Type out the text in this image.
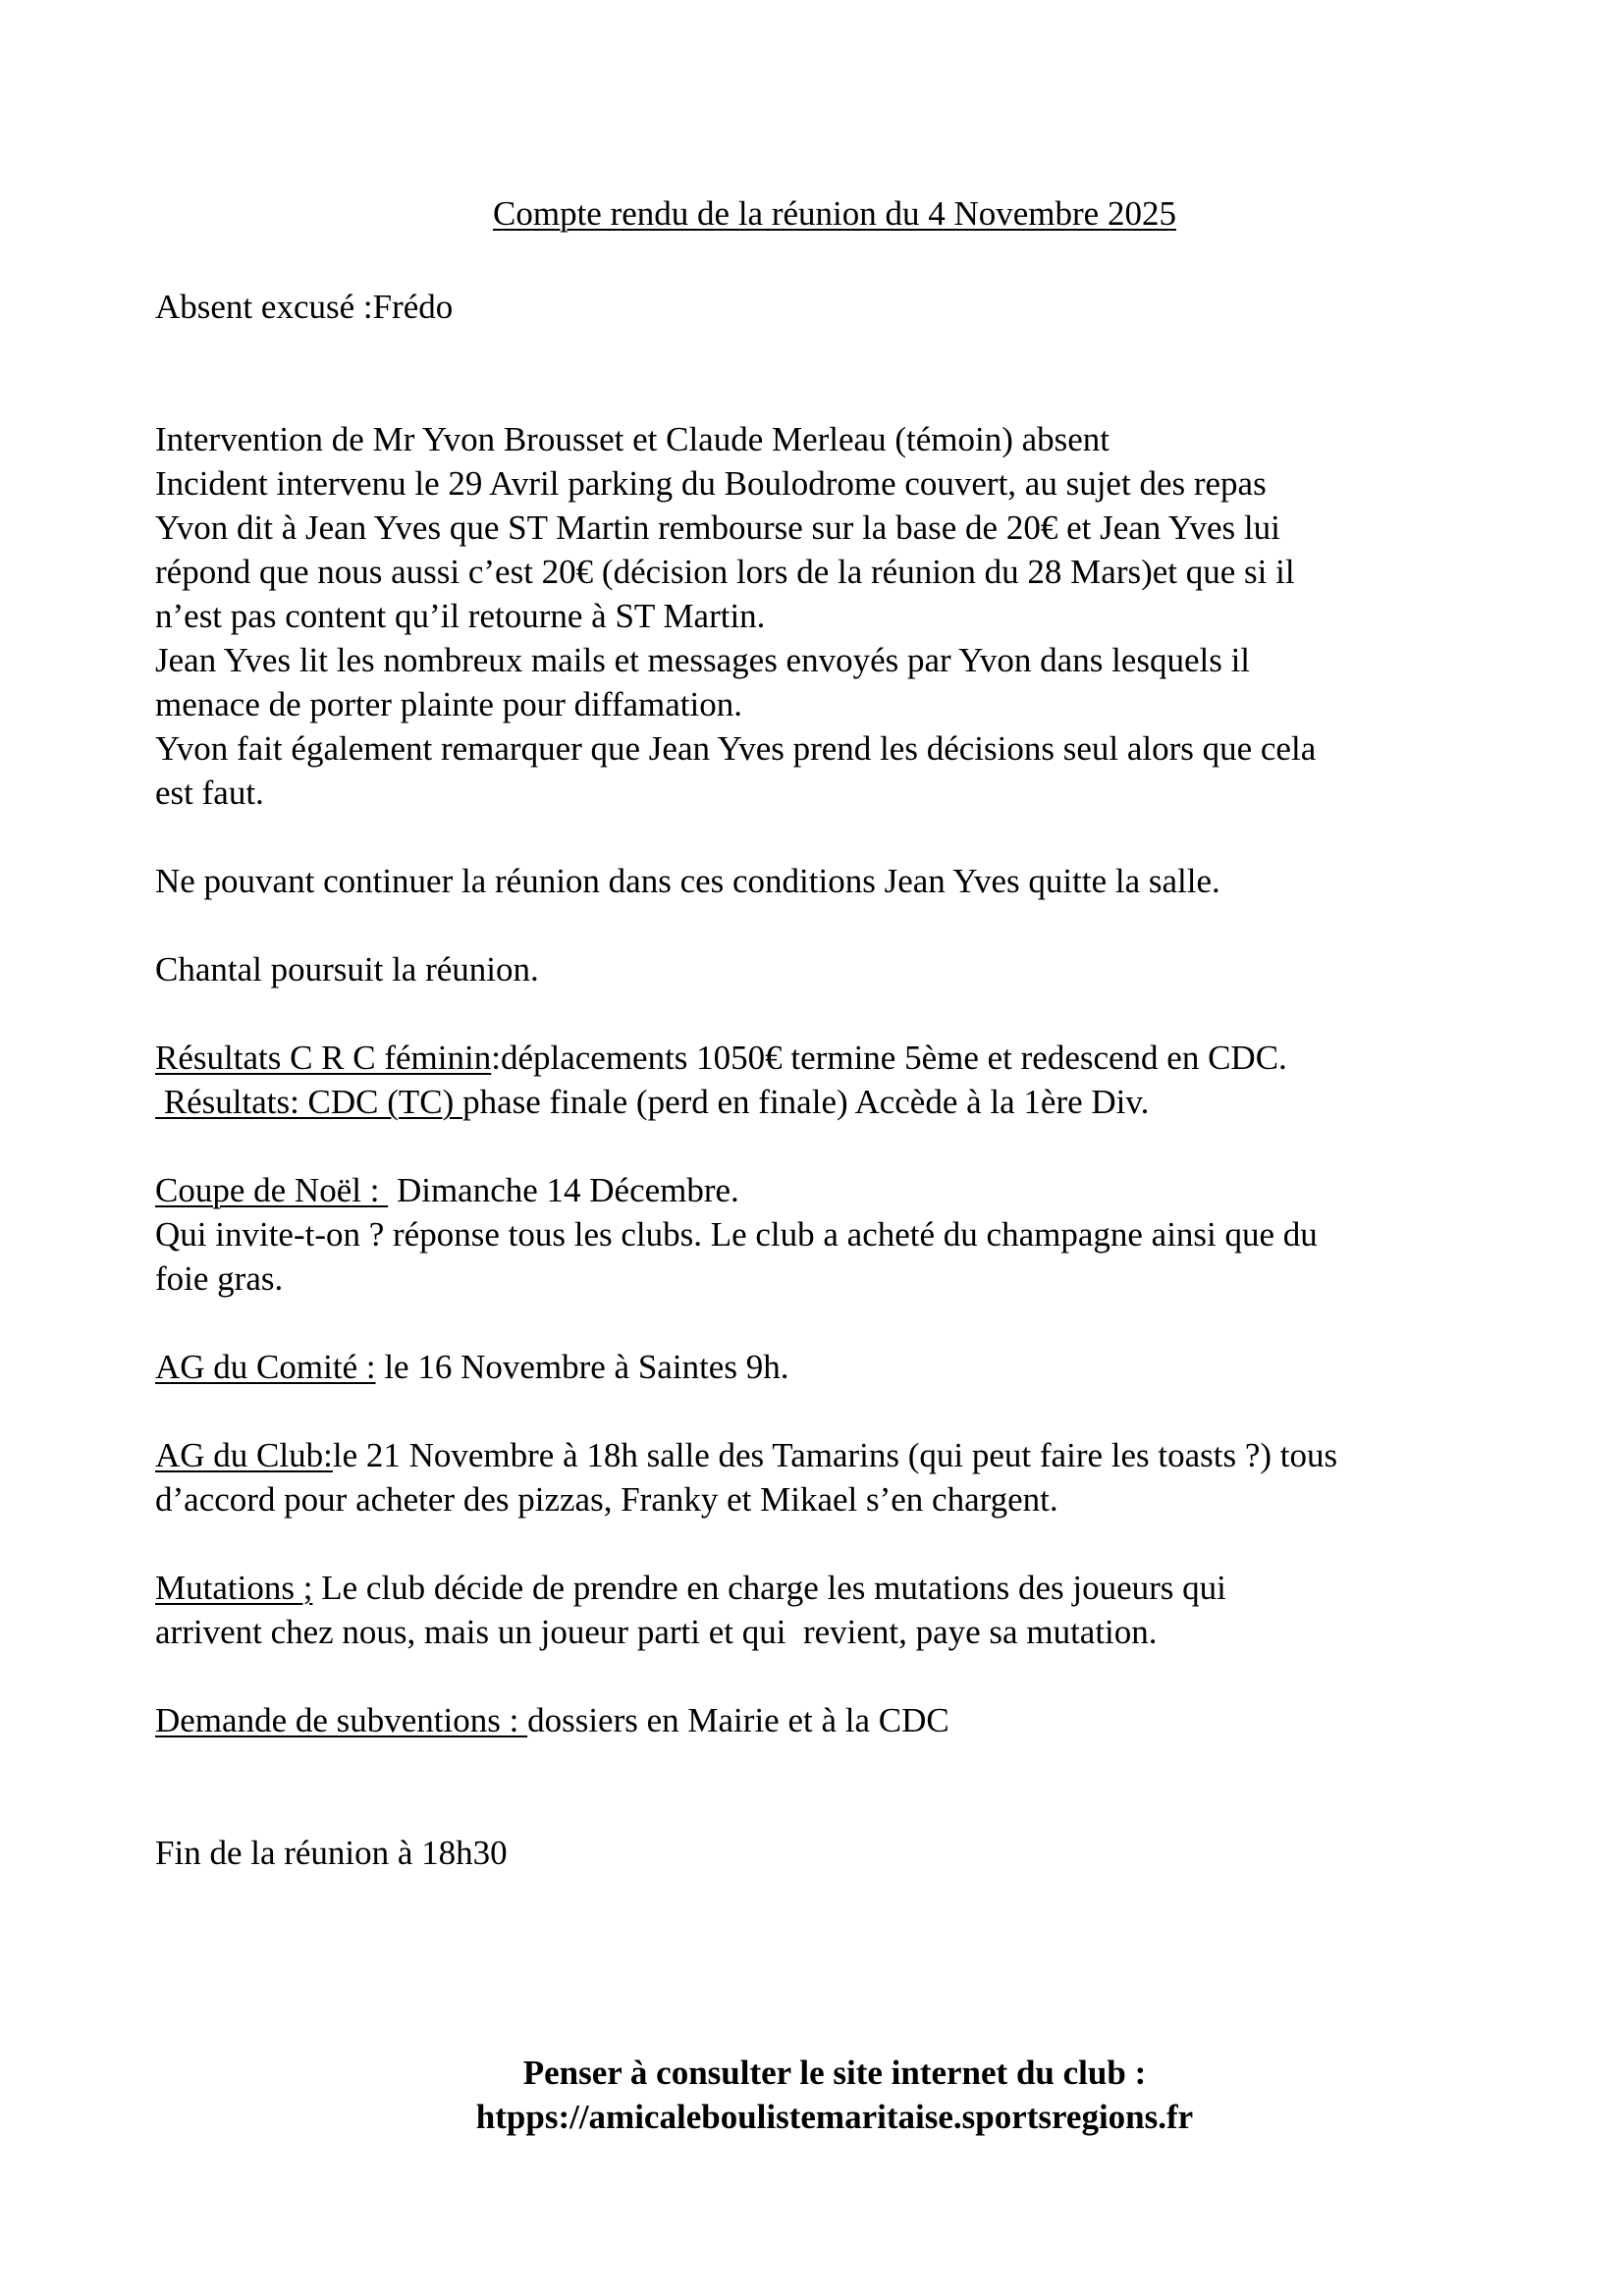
Compte rendu de la réunion du 4 Novembre 2025
Absent excusé :Frédo
Intervention de Mr Yvon Brousset et Claude Merleau (témoin) absent
Incident intervenu le 29 Avril parking du Boulodrome couvert, au sujet des repas
Yvon dit à Jean Yves que ST Martin rembourse sur la base de 20€ et Jean Yves lui
répond que nous aussi c’est 20€ (décision lors de la réunion du 28 Mars)et que si il
n’est pas content qu’il retourne à ST Martin.
Jean Yves lit les nombreux mails et messages envoyés par Yvon dans lesquels il
menace de porter plainte pour diffamation.
Yvon fait également remarquer que Jean Yves prend les décisions seul alors que cela
est faut.
Ne pouvant continuer la réunion dans ces conditions Jean Yves quitte la salle.
Chantal poursuit la réunion.
Résultats C R C féminin:déplacements 1050€ termine 5ème et redescend en CDC.
Résultats: CDC (TC) phase finale (perd en finale) Accède à la 1ère Div.
Coupe de Noël :  Dimanche 14 Décembre.
Qui invite-t-on ? réponse tous les clubs. Le club a acheté du champagne ainsi que du
foie gras.
AG du Comité : le 16 Novembre à Saintes 9h.
AG du Club:le 21 Novembre à 18h salle des Tamarins (qui peut faire les toasts ?) tous
d’accord pour acheter des pizzas, Franky et Mikael s’en chargent.
Mutations ; Le club décide de prendre en charge les mutations des joueurs qui
arrivent chez nous, mais un joueur parti et qui  revient, paye sa mutation.
Demande de subventions : dossiers en Mairie et à la CDC
Fin de la réunion à 18h30
Penser à consulter le site internet du club :
htpps://amicaleboulistemaritaise.sportsregions.fr
